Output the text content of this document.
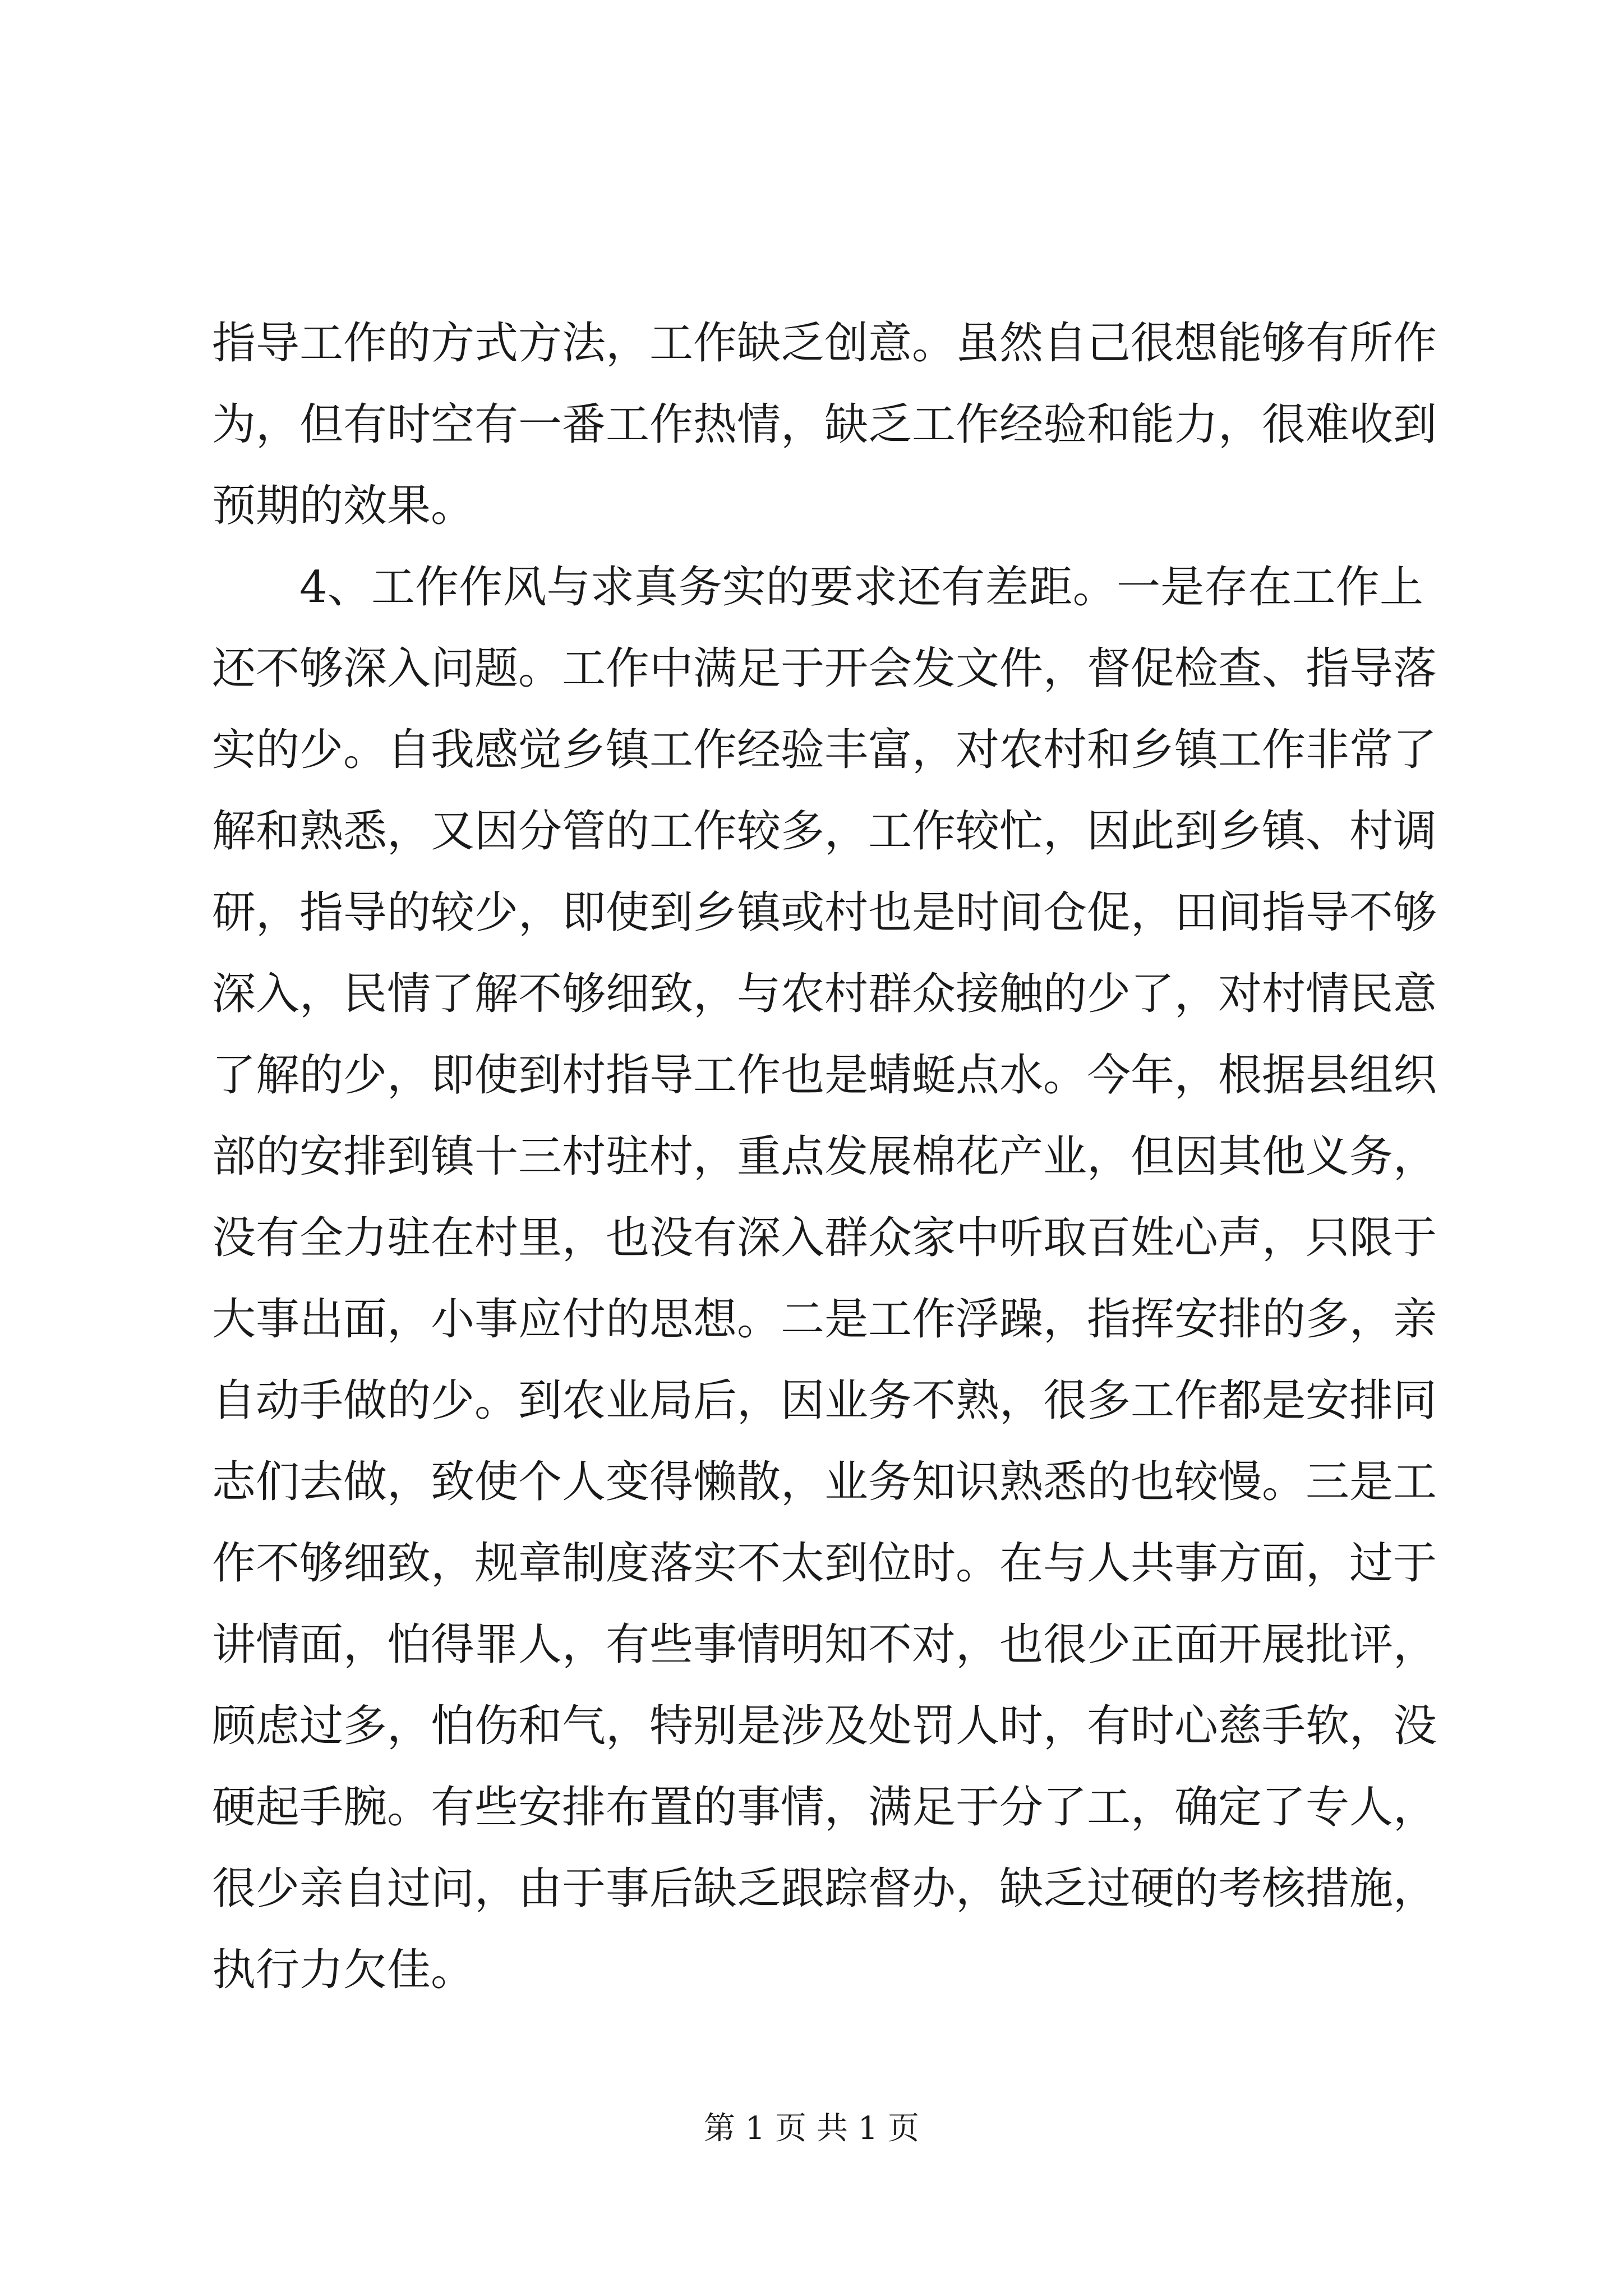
指导工作的方式方法，工作缺乏创意。虽然自己很想能够有所作
为，但有时空有一番工作热情，缺乏工作经验和能力，很难收到
预期的效果。
4、工作作风与求真务实的要求还有差距。一是存在工作上
还不够深入问题。工作中满足于开会发文件，督促检查、指导落
实的少。自我感觉乡镇工作经验丰富，对农村和乡镇工作非常了
解和熟悉，又因分管的工作较多，工作较忙，因此到乡镇、村调
研，指导的较少，即使到乡镇或村也是时间仓促，田间指导不够
深入，民情了解不够细致，与农村群众接触的少了，对村情民意
了解的少，即使到村指导工作也是蜻蜓点水。今年，根据县组织
部的安排到镇十三村驻村，重点发展棉花产业，但因其他义务，
没有全力驻在村里，也没有深入群众家中听取百姓心声，只限于
大事出面，小事应付的思想。二是工作浮躁，指挥安排的多，亲
自动手做的少。到农业局后，因业务不熟，很多工作都是安排同
志们去做，致使个人变得懒散，业务知识熟悉的也较慢。三是工
作不够细致，规章制度落实不太到位时。在与人共事方面，过于
讲情面，怕得罪人，有些事情明知不对，也很少正面开展批评，
顾虑过多，怕伤和气，特别是涉及处罚人时，有时心慈手软，没
硬起手腕。有些安排布置的事情，满足于分了工，确定了专人，
很少亲自过问，由于事后缺乏跟踪督办，缺乏过硬的考核措施，
执行力欠佳。
第 1 页 共 1 页
